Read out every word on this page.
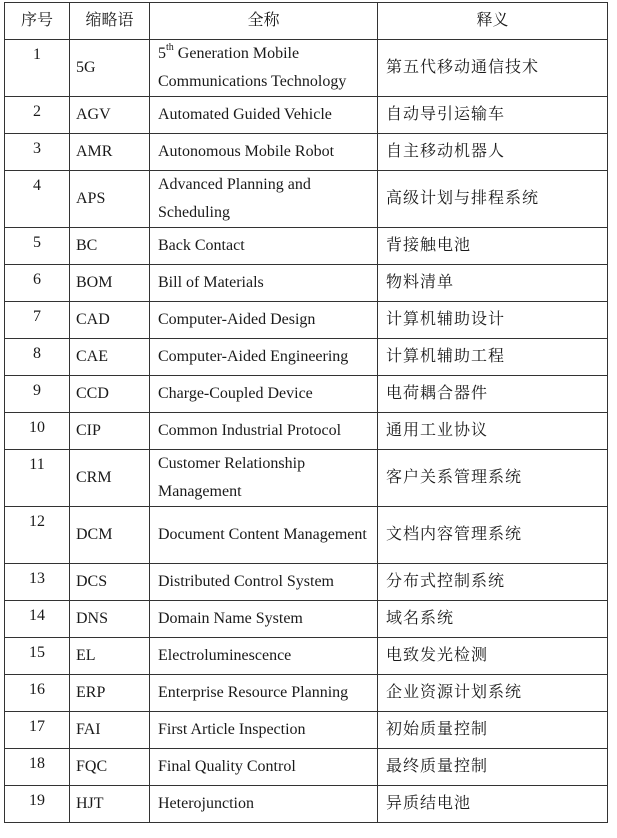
序号	缩略语	全称	释义
1	5G	5th Generation Mobile Communications Technology	第五代移动通信技术
2	AGV	Automated Guided Vehicle	自动导引运输车
3	AMR	Autonomous Mobile Robot	自主移动机器人
4	APS	Advanced Planning and Scheduling	高级计划与排程系统
5	BC	Back Contact	背接触电池
6	BOM	Bill of Materials	物料清单
7	CAD	Computer-Aided Design	计算机辅助设计
8	CAE	Computer-Aided Engineering	计算机辅助工程
9	CCD	Charge-Coupled Device	电荷耦合器件
10	CIP	Common Industrial Protocol	通用工业协议
11	CRM	Customer Relationship Management	客户关系管理系统
12	DCM	Document Content Management	文档内容管理系统
13	DCS	Distributed Control System	分布式控制系统
14	DNS	Domain Name System	域名系统
15	EL	Electroluminescence	电致发光检测
16	ERP	Enterprise Resource Planning	企业资源计划系统
17	FAI	First Article Inspection	初始质量控制
18	FQC	Final Quality Control	最终质量控制
19	HJT	Heterojunction	异质结电池
